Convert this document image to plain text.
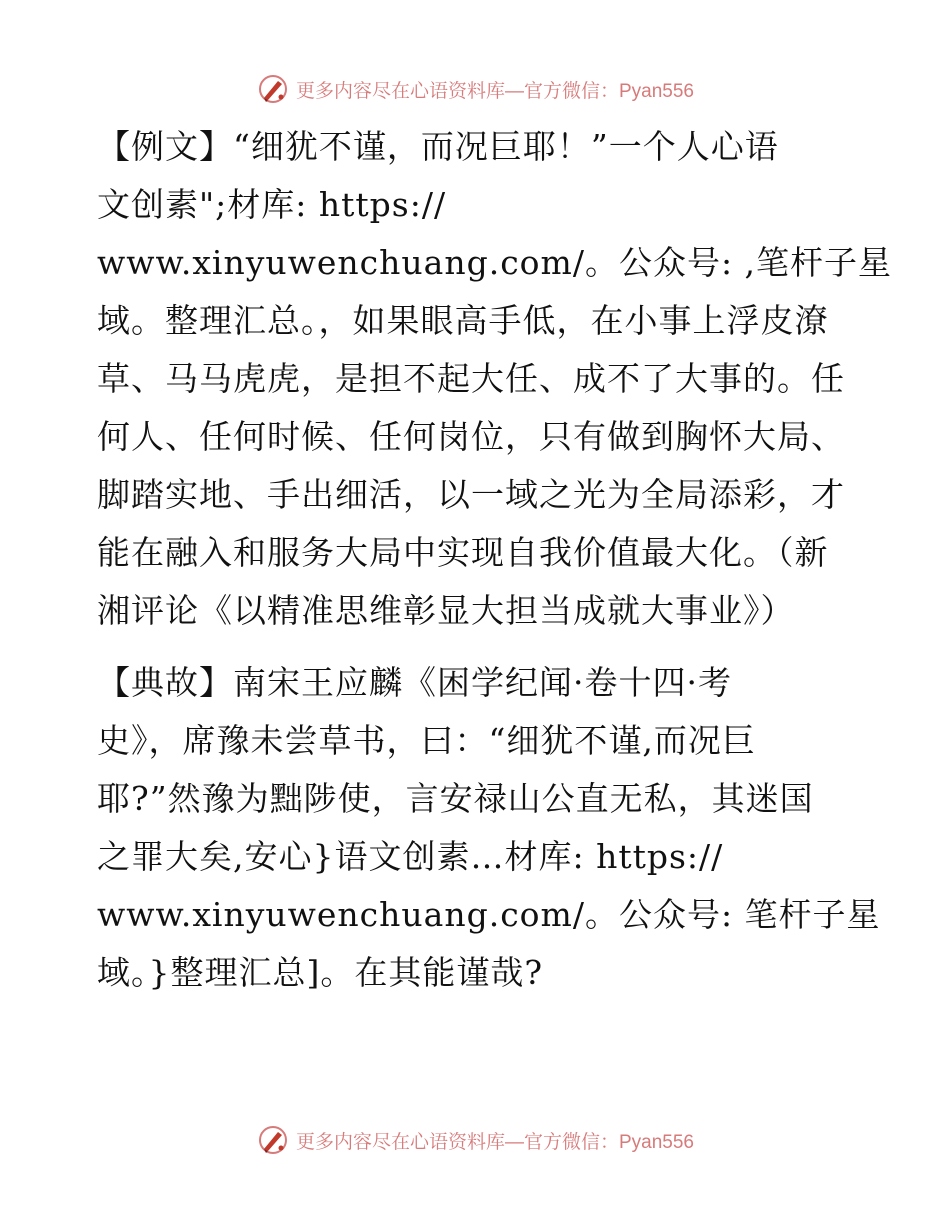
更多内容尽在心语资料库—官方微信：Pyan556

【例文】“细犹不谨，而况巨耶！”一个人心语
文创素";材库: https://
www.xinyuwenchuang.com/。公众号: ,笔杆子星
域。整理汇总。，如果眼高手低，在小事上浮皮潦
草、马马虎虎，是担不起大任、成不了大事的。任
何人、任何时候、任何岗位，只有做到胸怀大局、
脚踏实地、手出细活，以一域之光为全局添彩，才
能在融入和服务大局中实现自我价值最大化。（新
湘评论《以精准思维彰显大担当成就大事业》）

【典故】南宋王应麟《困学纪闻·卷十四·考
史》，席豫未尝草书，曰：“细犹不谨,而况巨
耶?”然豫为黜陟使，言安禄山公直无私，其迷国
之罪大矣,安心}语文创素…材库: https://
www.xinyuwenchuang.com/。公众号: 笔杆子星
域。}整理汇总]。在其能谨哉?

更多内容尽在心语资料库—官方微信：Pyan556
